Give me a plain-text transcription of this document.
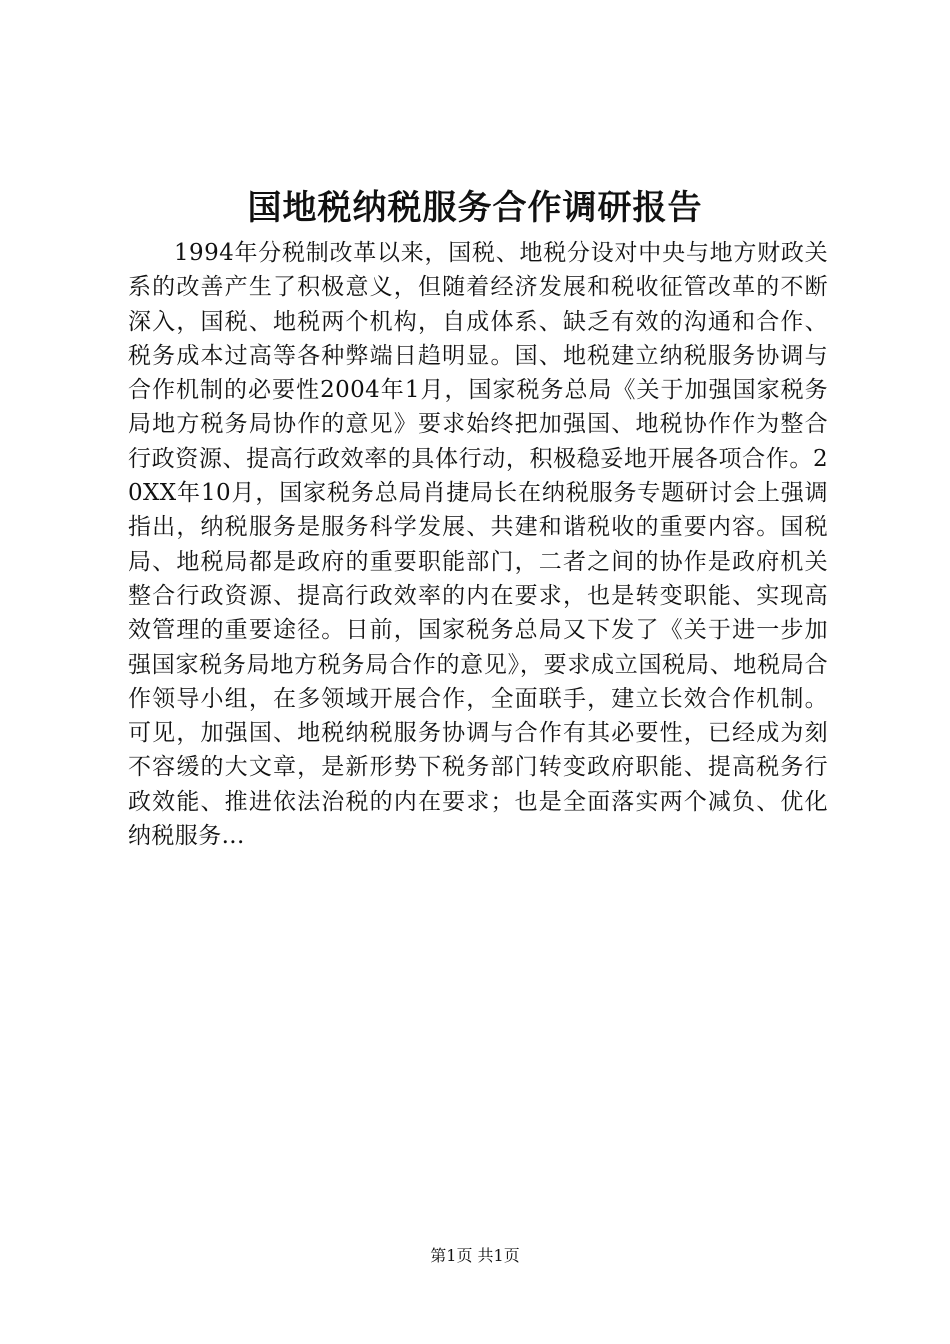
国地税纳税服务合作调研报告

1994年分税制改革以来，国税、地税分设对中央与地方财政关系的改善产生了积极意义，但随着经济发展和税收征管改革的不断深入，国税、地税两个机构，自成体系、缺乏有效的沟通和合作、税务成本过高等各种弊端日趋明显。国、地税建立纳税服务协调与合作机制的必要性2004年1月，国家税务总局《关于加强国家税务局地方税务局协作的意见》要求始终把加强国、地税协作作为整合行政资源、提高行政效率的具体行动，积极稳妥地开展各项合作。20XX年10月，国家税务总局肖捷局长在纳税服务专题研讨会上强调指出，纳税服务是服务科学发展、共建和谐税收的重要内容。国税局、地税局都是政府的重要职能部门，二者之间的协作是政府机关整合行政资源、提高行政效率的内在要求，也是转变职能、实现高效管理的重要途径。日前，国家税务总局又下发了《关于进一步加强国家税务局地方税务局合作的意见》，要求成立国税局、地税局合作领导小组，在多领域开展合作，全面联手，建立长效合作机制。可见，加强国、地税纳税服务协调与合作有其必要性，已经成为刻不容缓的大文章，是新形势下税务部门转变政府职能、提高税务行政效能、推进依法治税的内在要求；也是全面落实两个减负、优化纳税服务...

第1页 共1页
